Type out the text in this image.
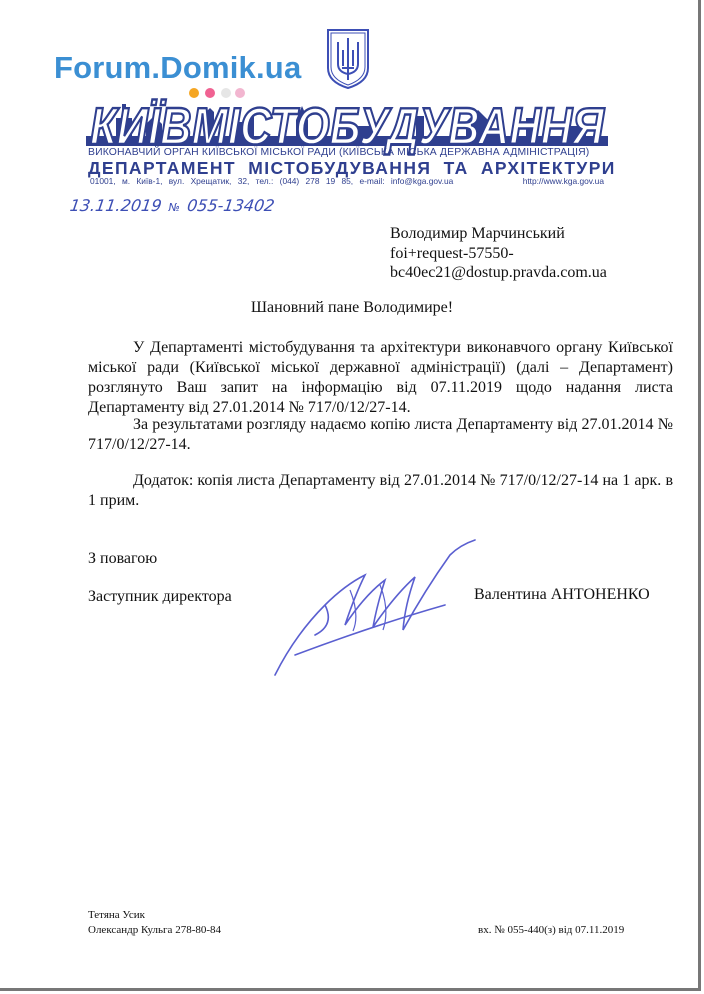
Forum.Domik.ua
КИЇВМІСТОБУДУВАННЯ
ВИКОНАВЧИЙ ОРГАН КИЇВСЬКОЇ МІСЬКОЇ РАДИ (КИЇВСЬКА МІСЬКА ДЕРЖАВНА АДМІНІСТРАЦІЯ)
ДЕПАРТАМЕНТ МІСТОБУДУВАННЯ ТА АРХІТЕКТУРИ
01001, м. Київ-1, вул. Хрещатик, 32, тел.: (044) 278 19 85, e-mail: info@kga.gov.ua	http://www.kga.gov.ua
13.11.2019 № 055-13402
Володимир Марчинський
foi+request-57550-
bc40ec21@dostup.pravda.com.ua
Шановний пане Володимире!
У Департаменті містобудування та архітектури виконавчого органу Київської міської ради (Київської міської державної адміністрації) (далі – Департамент) розглянуто Ваш запит на інформацію від 07.11.2019 щодо надання листа Департаменту від 27.01.2014 № 717/0/12/27-14.
За результатами розгляду надаємо копію листа Департаменту від 27.01.2014 № 717/0/12/27-14.
Додаток: копія листа Департаменту від 27.01.2014 № 717/0/12/27-14 на 1 арк. в 1 прим.
З повагою
Заступник директора	Валентина АНТОНЕНКО
Тетяна Усик
Олександр Кульга 278-80-84	вх. № 055-440(з) від 07.11.2019
